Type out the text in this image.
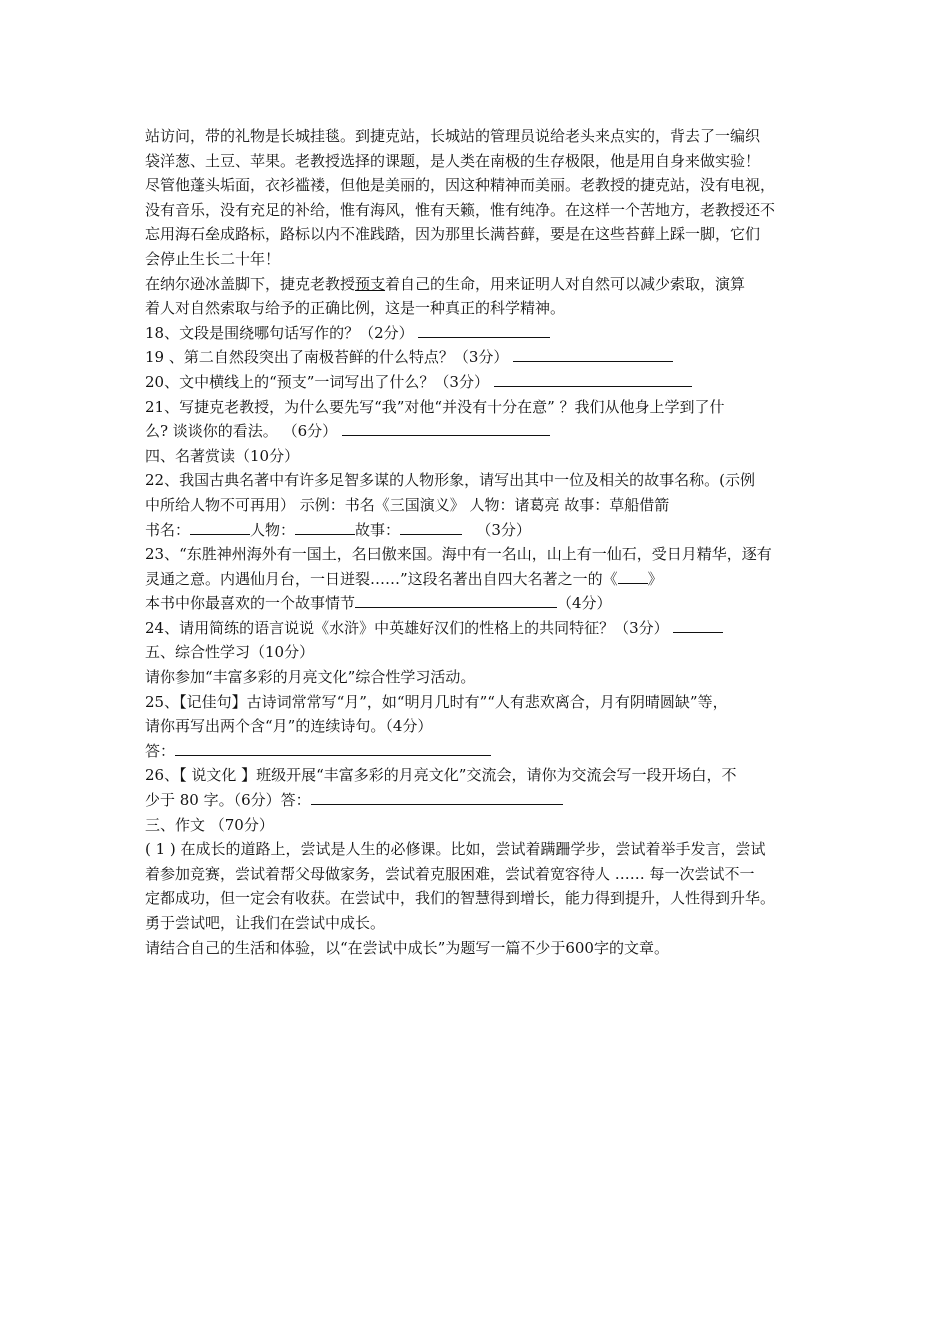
站访问，带的礼物是长城挂毯。到捷克站，长城站的管理员说给老头来点实的，背去了一编织
袋洋葱、土豆、苹果。老教授选择的课题，是人类在南极的生存极限，他是用自身来做实验！
尽管他蓬头垢面，衣衫褴褛，但他是美丽的，因这种精神而美丽。老教授的捷克站，没有电视，
没有音乐，没有充足的补给，惟有海风，惟有天籁，惟有纯净。在这样一个苦地方，老教授还不
忘用海石垒成路标，路标以内不准践踏，因为那里长满苔藓，要是在这些苔藓上踩一脚，它们
会停止生长二十年！
在纳尔逊冰盖脚下，捷克老教授预支着自己的生命，用来证明人对自然可以减少索取，演算
着人对自然索取与给予的正确比例，这是一种真正的科学精神。
18、文段是围绕哪句话写作的？（2分）
19 、第二自然段突出了南极苔鲜的什么特点？（3分）
20、文中横线上的“预支”一词写出了什么？（3分）
21、写捷克老教授，为什么要先写“我”对他“并没有十分在意” ？我们从他身上学到了什
么? 谈谈你的看法。 （6分）
四、名著赏读（10分）
22、我国古典名著中有许多足智多谋的人物形象，请写出其中一位及相关的故事名称。(示例
中所给人物不可再用） 示例：书名《三国演义》 人物：诸葛亮 故事：草船借箭
书名：	人物：	故事：	（3分）
23、“东胜神州海外有一国土，名曰傲来国。海中有一名山，山上有一仙石，受日月精华，逐有
灵通之意。内遇仙月台，一日迸裂……”这段名著出自四大名著之一的《 》
本书中你最喜欢的一个故事情节	（4分）
24、请用简练的语言说说《水浒》中英雄好汉们的性格上的共同特征？（3分）
五、综合性学习（10分）
请你参加“丰富多彩的月亮文化”综合性学习活动。
25、【记佳句】古诗词常常写“月”，如“明月几时有”“人有悲欢离合，月有阴晴圆缺”等，
请你再写出两个含“月”的连续诗句。（4分）
答：
26、【 说文化 】班级开展“丰富多彩的月亮文化”交流会，请你为交流会写一段开场白，不
少于 80 字。（6分）答：
三、作文 （70分）
( 1 ) 在成长的道路上，尝试是人生的必修课。比如，尝试着蹒跚学步，尝试着举手发言，尝试
着参加竞赛，尝试着帮父母做家务，尝试着克服困难，尝试着宽容待人 …… 每一次尝试不一
定都成功，但一定会有收获。在尝试中，我们的智慧得到增长，能力得到提升，人性得到升华。
勇于尝试吧，让我们在尝试中成长。
请结合自己的生活和体验，以“在尝试中成长”为题写一篇不少于600字的文章。
